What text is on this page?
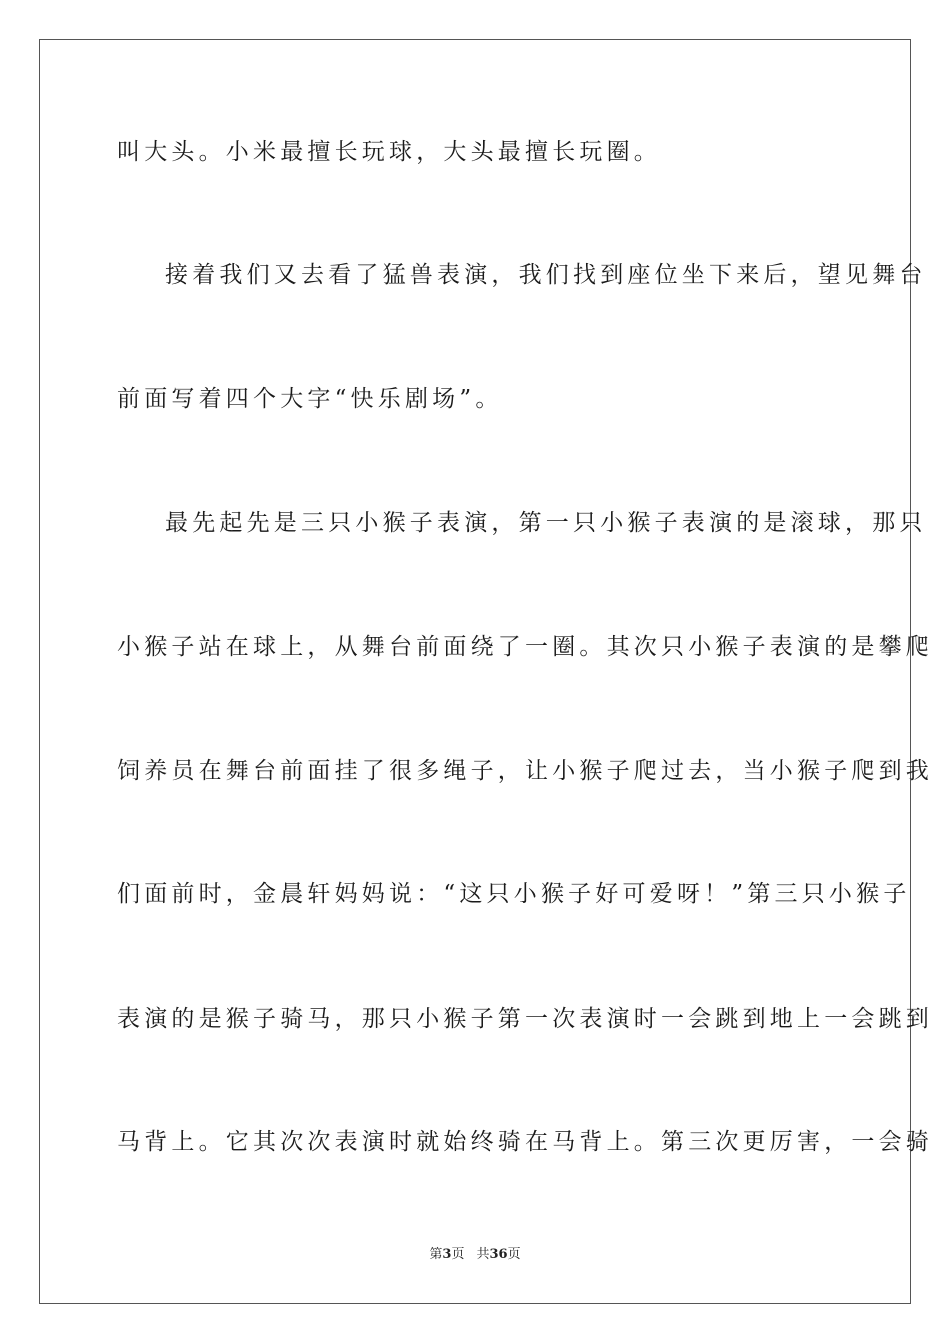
叫大头。小米最擅长玩球，大头最擅长玩圈。
接着我们又去看了猛兽表演，我们找到座位坐下来后，望见舞台
前面写着四个大字“快乐剧场”。
最先起先是三只小猴子表演，第一只小猴子表演的是滚球，那只
小猴子站在球上，从舞台前面绕了一圈。其次只小猴子表演的是攀爬
饲养员在舞台前面挂了很多绳子，让小猴子爬过去，当小猴子爬到我
们面前时，金晨轩妈妈说：“这只小猴子好可爱呀！”第三只小猴子
表演的是猴子骑马，那只小猴子第一次表演时一会跳到地上一会跳到
马背上。它其次次表演时就始终骑在马背上。第三次更厉害，一会骑
第3页 共36页
